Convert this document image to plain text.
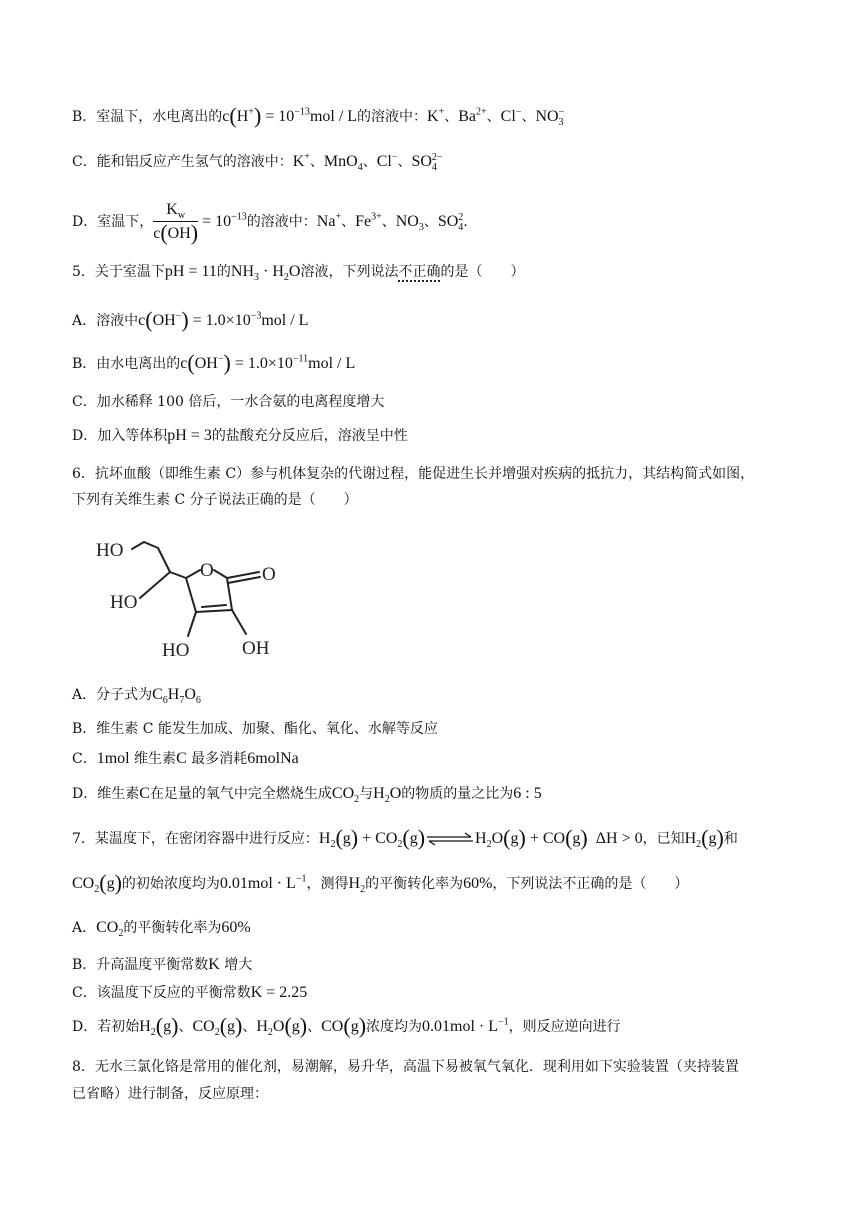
B．室温下，水电离出的$c(H^+) = 10^{-13}mol / L$的溶液中：K+、$Ba^{2+}$、Cl−、$NO_3^-$
C．能和铝反应产生氢气的溶液中：K+、MnO$_4$、Cl−、$SO_4^{2-}$
D．室温下， $\frac{K_w}{c(OH)} = 10^{-13}$的溶液中：Na+、$Fe^{3+}$、$NO_3$、$SO_4^2$.
5．关于室温下pH = 11的$NH_3 \cdot H_2O$溶液，下列说法不正确的是（　　）
A．溶液中$c(OH^-) = 1.0\times 10^{-3}mol / L$
B．由水电离出的$c(OH^-) = 1.0\times 10^{-11}mol / L$
C．加水稀释 100 倍后，一水合氨的电离程度增大
D．加入等体积pH = 3的盐酸充分反应后，溶液呈中性
6．抗坏血酸（即维生素 C）参与机体复杂的代谢过程，能促进生长并增强对疾病的抵抗力，其结构简式如图，
下列有关维生素 C 分子说法正确的是（　　）
HO
HO
HO	OH
O	O
A．分子式为$C_6H_7O_6$
B．维生素 C 能发生加成、加聚、酯化、氧化、水解等反应
C．1mol 维生素C 最多消耗6molNa
D．维生素C在足量的氧气中完全燃烧生成$CO_2$与$H_2O$的物质的量之比为6 : 5
7．某温度下，在密闭容器中进行反应：$H_2(g)$ + $CO_2(g)\rightleftharpoons H_2O(g) + CO(g) \Delta H > 0$，已知$H_2(g)$和
$CO_2(g)$的初始浓度均为$0.01mol \cdot L^{-1}$，测得$H_2$的平衡转化率为60%，下列说法不正确的是（　　）
A．$CO_2$的平衡转化率为60%
B．升高温度平衡常数K 增大
C．该温度下反应的平衡常数K = 2.25
D．若初始$H_2(g)$、$CO_2(g)$、$H_2O(g)$、CO(g)浓度均为$0.01mol \cdot L^{-1}$，则反应逆向进行
8．无水三氯化铬是常用的催化剂，易潮解，易升华，高温下易被氧气氧化．现利用如下实验装置（夹持装置
已省略）进行制备，反应原理：
